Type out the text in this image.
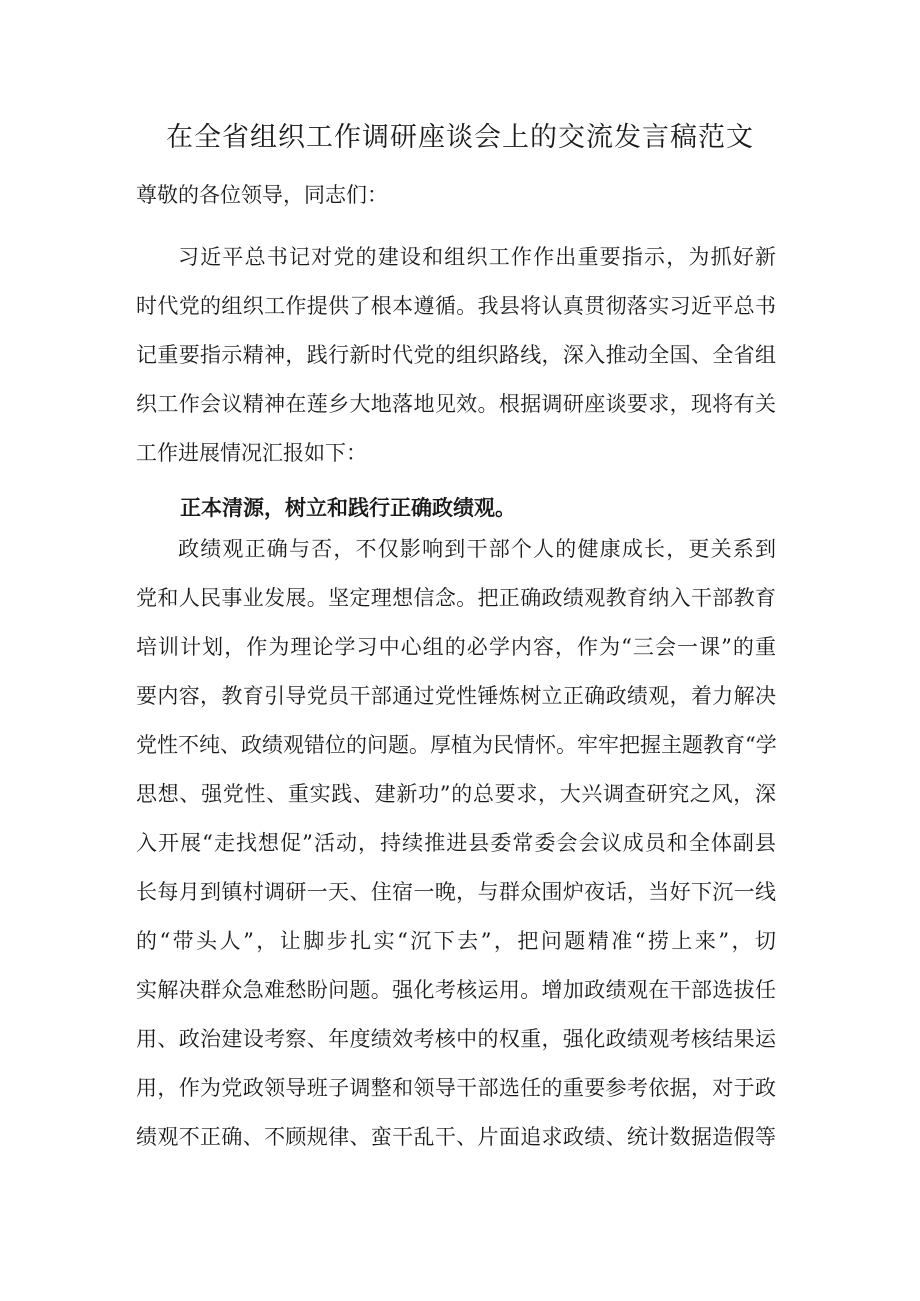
在全省组织工作调研座谈会上的交流发言稿范文
尊敬的各位领导，同志们：
习近平总书记对党的建设和组织工作作出重要指示，为抓好新
时代党的组织工作提供了根本遵循。我县将认真贯彻落实习近平总书
记重要指示精神，践行新时代党的组织路线，深入推动全国、全省组
织工作会议精神在莲乡大地落地见效。根据调研座谈要求，现将有关
工作进展情况汇报如下：
正本清源，树立和践行正确政绩观。
政绩观正确与否，不仅影响到干部个人的健康成长，更关系到
党和人民事业发展。坚定理想信念。把正确政绩观教育纳入干部教育
培训计划，作为理论学习中心组的必学内容，作为“三会一课”的重
要内容，教育引导党员干部通过党性锤炼树立正确政绩观，着力解决
党性不纯、政绩观错位的问题。厚植为民情怀。牢牢把握主题教育“学
思想、强党性、重实践、建新功”的总要求，大兴调查研究之风，深
入开展“走找想促”活动，持续推进县委常委会会议成员和全体副县
长每月到镇村调研一天、住宿一晚，与群众围炉夜话，当好下沉一线
的“带头人”，让脚步扎实“沉下去”，把问题精准“捞上来”，切
实解决群众急难愁盼问题。强化考核运用。增加政绩观在干部选拔任
用、政治建设考察、年度绩效考核中的权重，强化政绩观考核结果运
用，作为党政领导班子调整和领导干部选任的重要参考依据，对于政
绩观不正确、不顾规律、蛮干乱干、片面追求政绩、统计数据造假等
